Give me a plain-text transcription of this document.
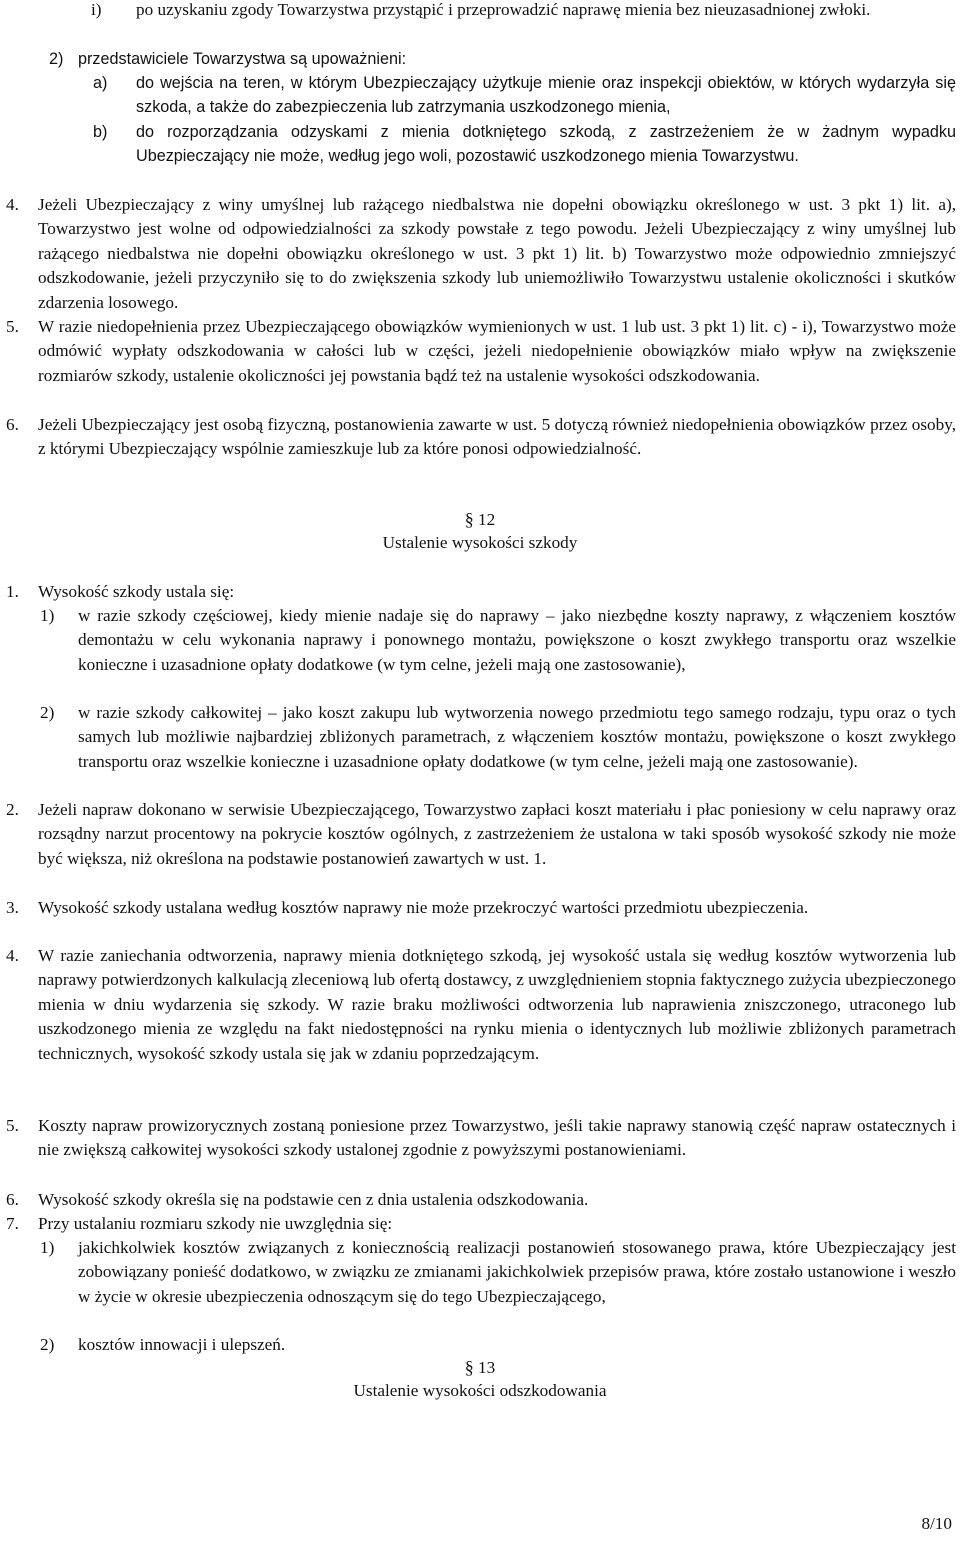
i) po uzyskaniu zgody Towarzystwa przystąpić i przeprowadzić naprawę mienia bez nieuzasadnionej zwłoki.
2) przedstawiciele Towarzystwa są upoważnieni:
a) do wejścia na teren, w którym Ubezpieczający użytkuje mienie oraz inspekcji obiektów, w których wydarzyła się szkoda, a także do zabezpieczenia lub zatrzymania uszkodzonego mienia,
b) do rozporządzania odzyskami z mienia dotkniętego szkodą, z zastrzeżeniem że w żadnym wypadku Ubezpieczający nie może, według jego woli, pozostawić uszkodzonego mienia Towarzystwu.
4. Jeżeli Ubezpieczający z winy umyślnej lub rażącego niedbalstwa nie dopełni obowiązku określonego w ust. 3 pkt 1) lit. a), Towarzystwo jest wolne od odpowiedzialności za szkody powstałe z tego powodu. Jeżeli Ubezpieczający z winy umyślnej lub rażącego niedbalstwa nie dopełni obowiązku określonego w ust. 3 pkt 1) lit. b) Towarzystwo może odpowiednio zmniejszyć odszkodowanie, jeżeli przyczyniło się to do zwiększenia szkody lub uniemożliwiło Towarzystwu ustalenie okoliczności i skutków zdarzenia losowego.
5. W razie niedopełnienia przez Ubezpieczającego obowiązków wymienionych w ust. 1 lub ust. 3 pkt 1) lit. c) - i), Towarzystwo może odmówić wypłaty odszkodowania w całości lub w części, jeżeli niedopełnienie obowiązków miało wpływ na zwiększenie rozmiarów szkody, ustalenie okoliczności jej powstania bądź też na ustalenie wysokości odszkodowania.
6. Jeżeli Ubezpieczający jest osobą fizyczną, postanowienia zawarte w ust. 5 dotyczą również niedopełnienia obowiązków przez osoby, z którymi Ubezpieczający wspólnie zamieszkuje lub za które ponosi odpowiedzialność.
§ 12
Ustalenie wysokości szkody
1. Wysokość szkody ustala się:
1) w razie szkody częściowej, kiedy mienie nadaje się do naprawy – jako niezbędne koszty naprawy, z włączeniem kosztów demontażu w celu wykonania naprawy i ponownego montażu, powiększone o koszt zwykłego transportu oraz wszelkie konieczne i uzasadnione opłaty dodatkowe (w tym celne, jeżeli mają one zastosowanie),
2) w razie szkody całkowitej – jako koszt zakupu lub wytworzenia nowego przedmiotu tego samego rodzaju, typu oraz o tych samych lub możliwie najbardziej zbliżonych parametrach, z włączeniem kosztów montażu, powiększone o koszt zwykłego transportu oraz wszelkie konieczne i uzasadnione opłaty dodatkowe (w tym celne, jeżeli mają one zastosowanie).
2. Jeżeli napraw dokonano w serwisie Ubezpieczającego, Towarzystwo zapłaci koszt materiału i płac poniesiony w celu naprawy oraz rozsądny narzut procentowy na pokrycie kosztów ogólnych, z zastrzeżeniem że ustalona w taki sposób wysokość szkody nie może być większa, niż określona na podstawie postanowień zawartych w ust. 1.
3. Wysokość szkody ustalana według kosztów naprawy nie może przekroczyć wartości przedmiotu ubezpieczenia.
4. W razie zaniechania odtworzenia, naprawy mienia dotkniętego szkodą, jej wysokość ustala się według kosztów wytworzenia lub naprawy potwierdzonych kalkulacją zleceniową lub ofertą dostawcy, z uwzględnieniem stopnia faktycznego zużycia ubezpieczonego mienia w dniu wydarzenia się szkody. W razie braku możliwości odtworzenia lub naprawienia zniszczonego, utraconego lub uszkodzonego mienia ze względu na fakt niedostępności na rynku mienia o identycznych lub możliwie zbliżonych parametrach technicznych, wysokość szkody ustala się jak w zdaniu poprzedzającym.
5. Koszty napraw prowizorycznych zostaną poniesione przez Towarzystwo, jeśli takie naprawy stanowią część napraw ostatecznych i nie zwiększą całkowitej wysokości szkody ustalonej zgodnie z powyższymi postanowieniami.
6. Wysokość szkody określa się na podstawie cen z dnia ustalenia odszkodowania.
7. Przy ustalaniu rozmiaru szkody nie uwzględnia się:
1) jakichkolwiek kosztów związanych z koniecznością realizacji postanowień stosowanego prawa, które Ubezpieczający jest zobowiązany ponieść dodatkowo, w związku ze zmianami jakichkolwiek przepisów prawa, które zostało ustanowione i weszło w życie w okresie ubezpieczenia odnoszącym się do tego Ubezpieczającego,
2) kosztów innowacji i ulepszeń.
§ 13
Ustalenie wysokości odszkodowania
8/10
